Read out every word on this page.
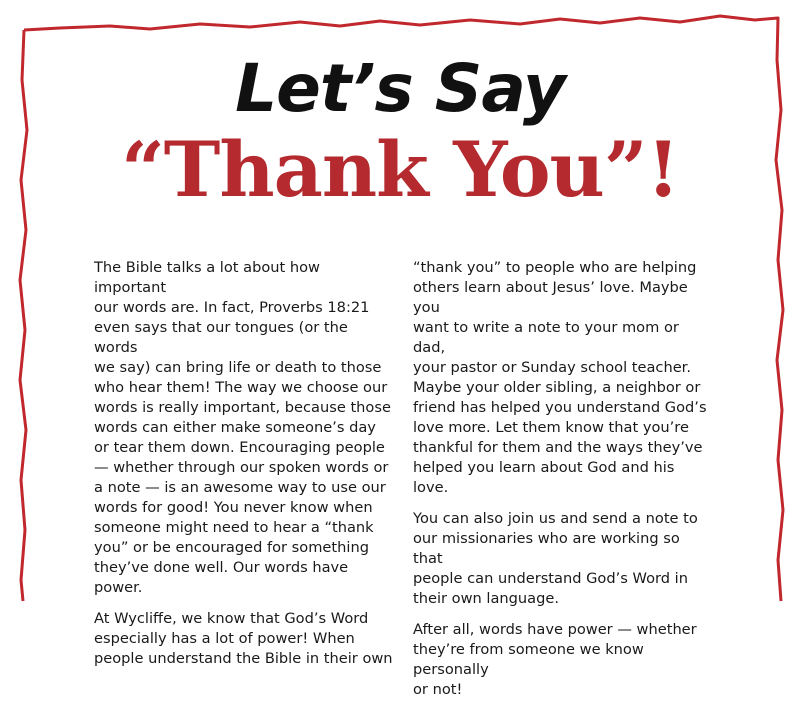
Let’s Say
“Thank You”!

The Bible talks a lot about how important
our words are. In fact, Proverbs 18:21
even says that our tongues (or the words
we say) can bring life or death to those
who hear them! The way we choose our
words is really important, because those
words can either make someone’s day
or tear them down. Encouraging people
— whether through our spoken words or
a note — is an awesome way to use our
words for good! You never know when
someone might need to hear a “thank
you” or be encouraged for something
they’ve done well. Our words have power.

At Wycliffe, we know that God’s Word
especially has a lot of power! When
people understand the Bible in their own

“thank you” to people who are helping
others learn about Jesus’ love. Maybe you
want to write a note to your mom or dad,
your pastor or Sunday school teacher.
Maybe your older sibling, a neighbor or
friend has helped you understand God’s
love more. Let them know that you’re
thankful for them and the ways they’ve
helped you learn about God and his love.

You can also join us and send a note to
our missionaries who are working so that
people can understand God’s Word in
their own language.

After all, words have power — whether
they’re from someone we know personally
or not!
